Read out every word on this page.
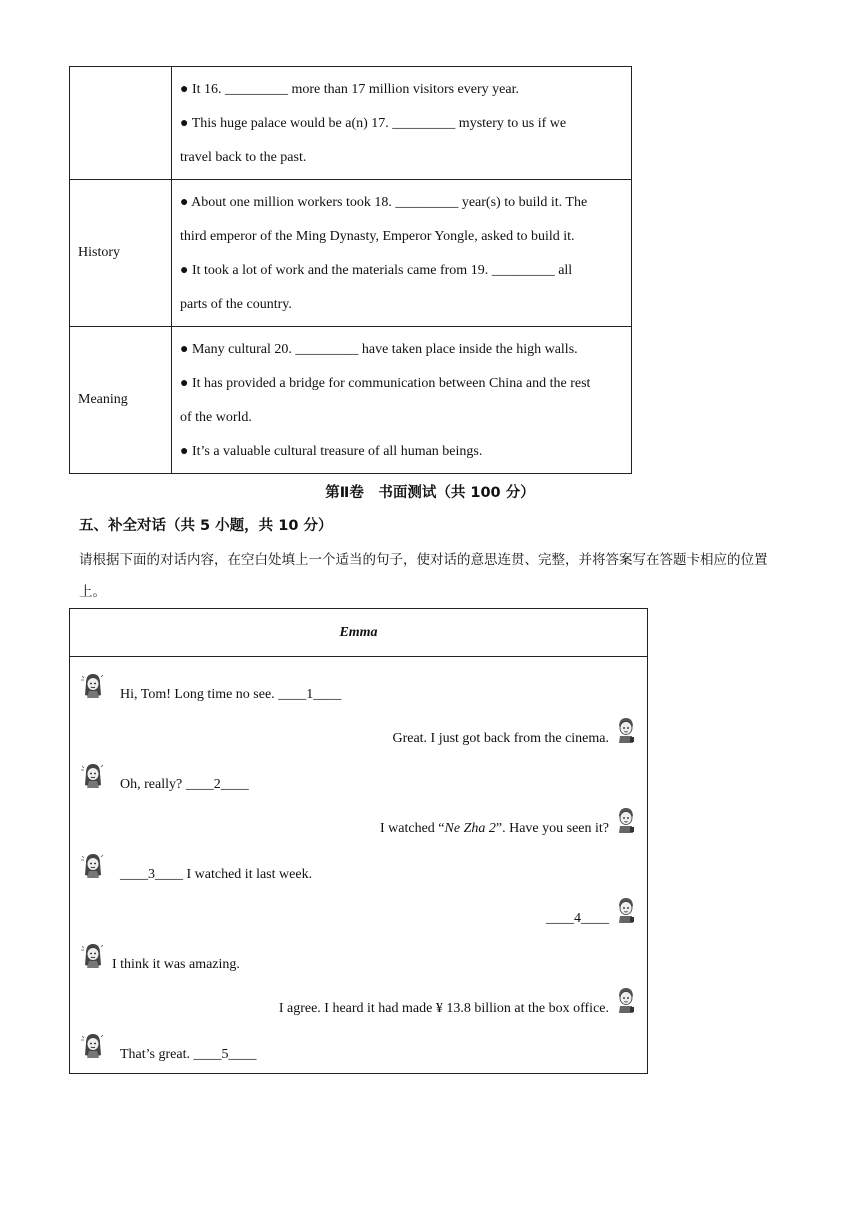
	● It 16. _________ more than 17 million visitors every year.
● This huge palace would be a(n) 17. _________ mystery to us if we
travel back to the past.

History	● About one million workers took 18. _________ year(s) to build it. The
third emperor of the Ming Dynasty, Emperor Yongle, asked to build it.
● It took a lot of work and the materials came from 19. _________ all
parts of the country.

Meaning	● Many cultural 20. _________ have taken place inside the high walls.
● It has provided a bridge for communication between China and the rest
of the world.
● It’s a valuable cultural treasure of all human beings.
第Ⅱ卷　书面测试（共 100 分）
五、补全对话（共 5 小题，共 10 分）
请根据下面的对话内容，在空白处填上一个适当的句子，使对话的意思连贯、完整，并将答案写在答题卡相应的位置上。
Emma
Hi, Tom! Long time no see. ____1____
Great. I just got back from the cinema.
Oh, really? ____2____
I watched “Ne Zha 2”. Have you seen it?
____3____ I watched it last week.
____4____
I think it was amazing.
I agree. I heard it had made ¥ 13.8 billion at the box office.
That’s great. ____5____
